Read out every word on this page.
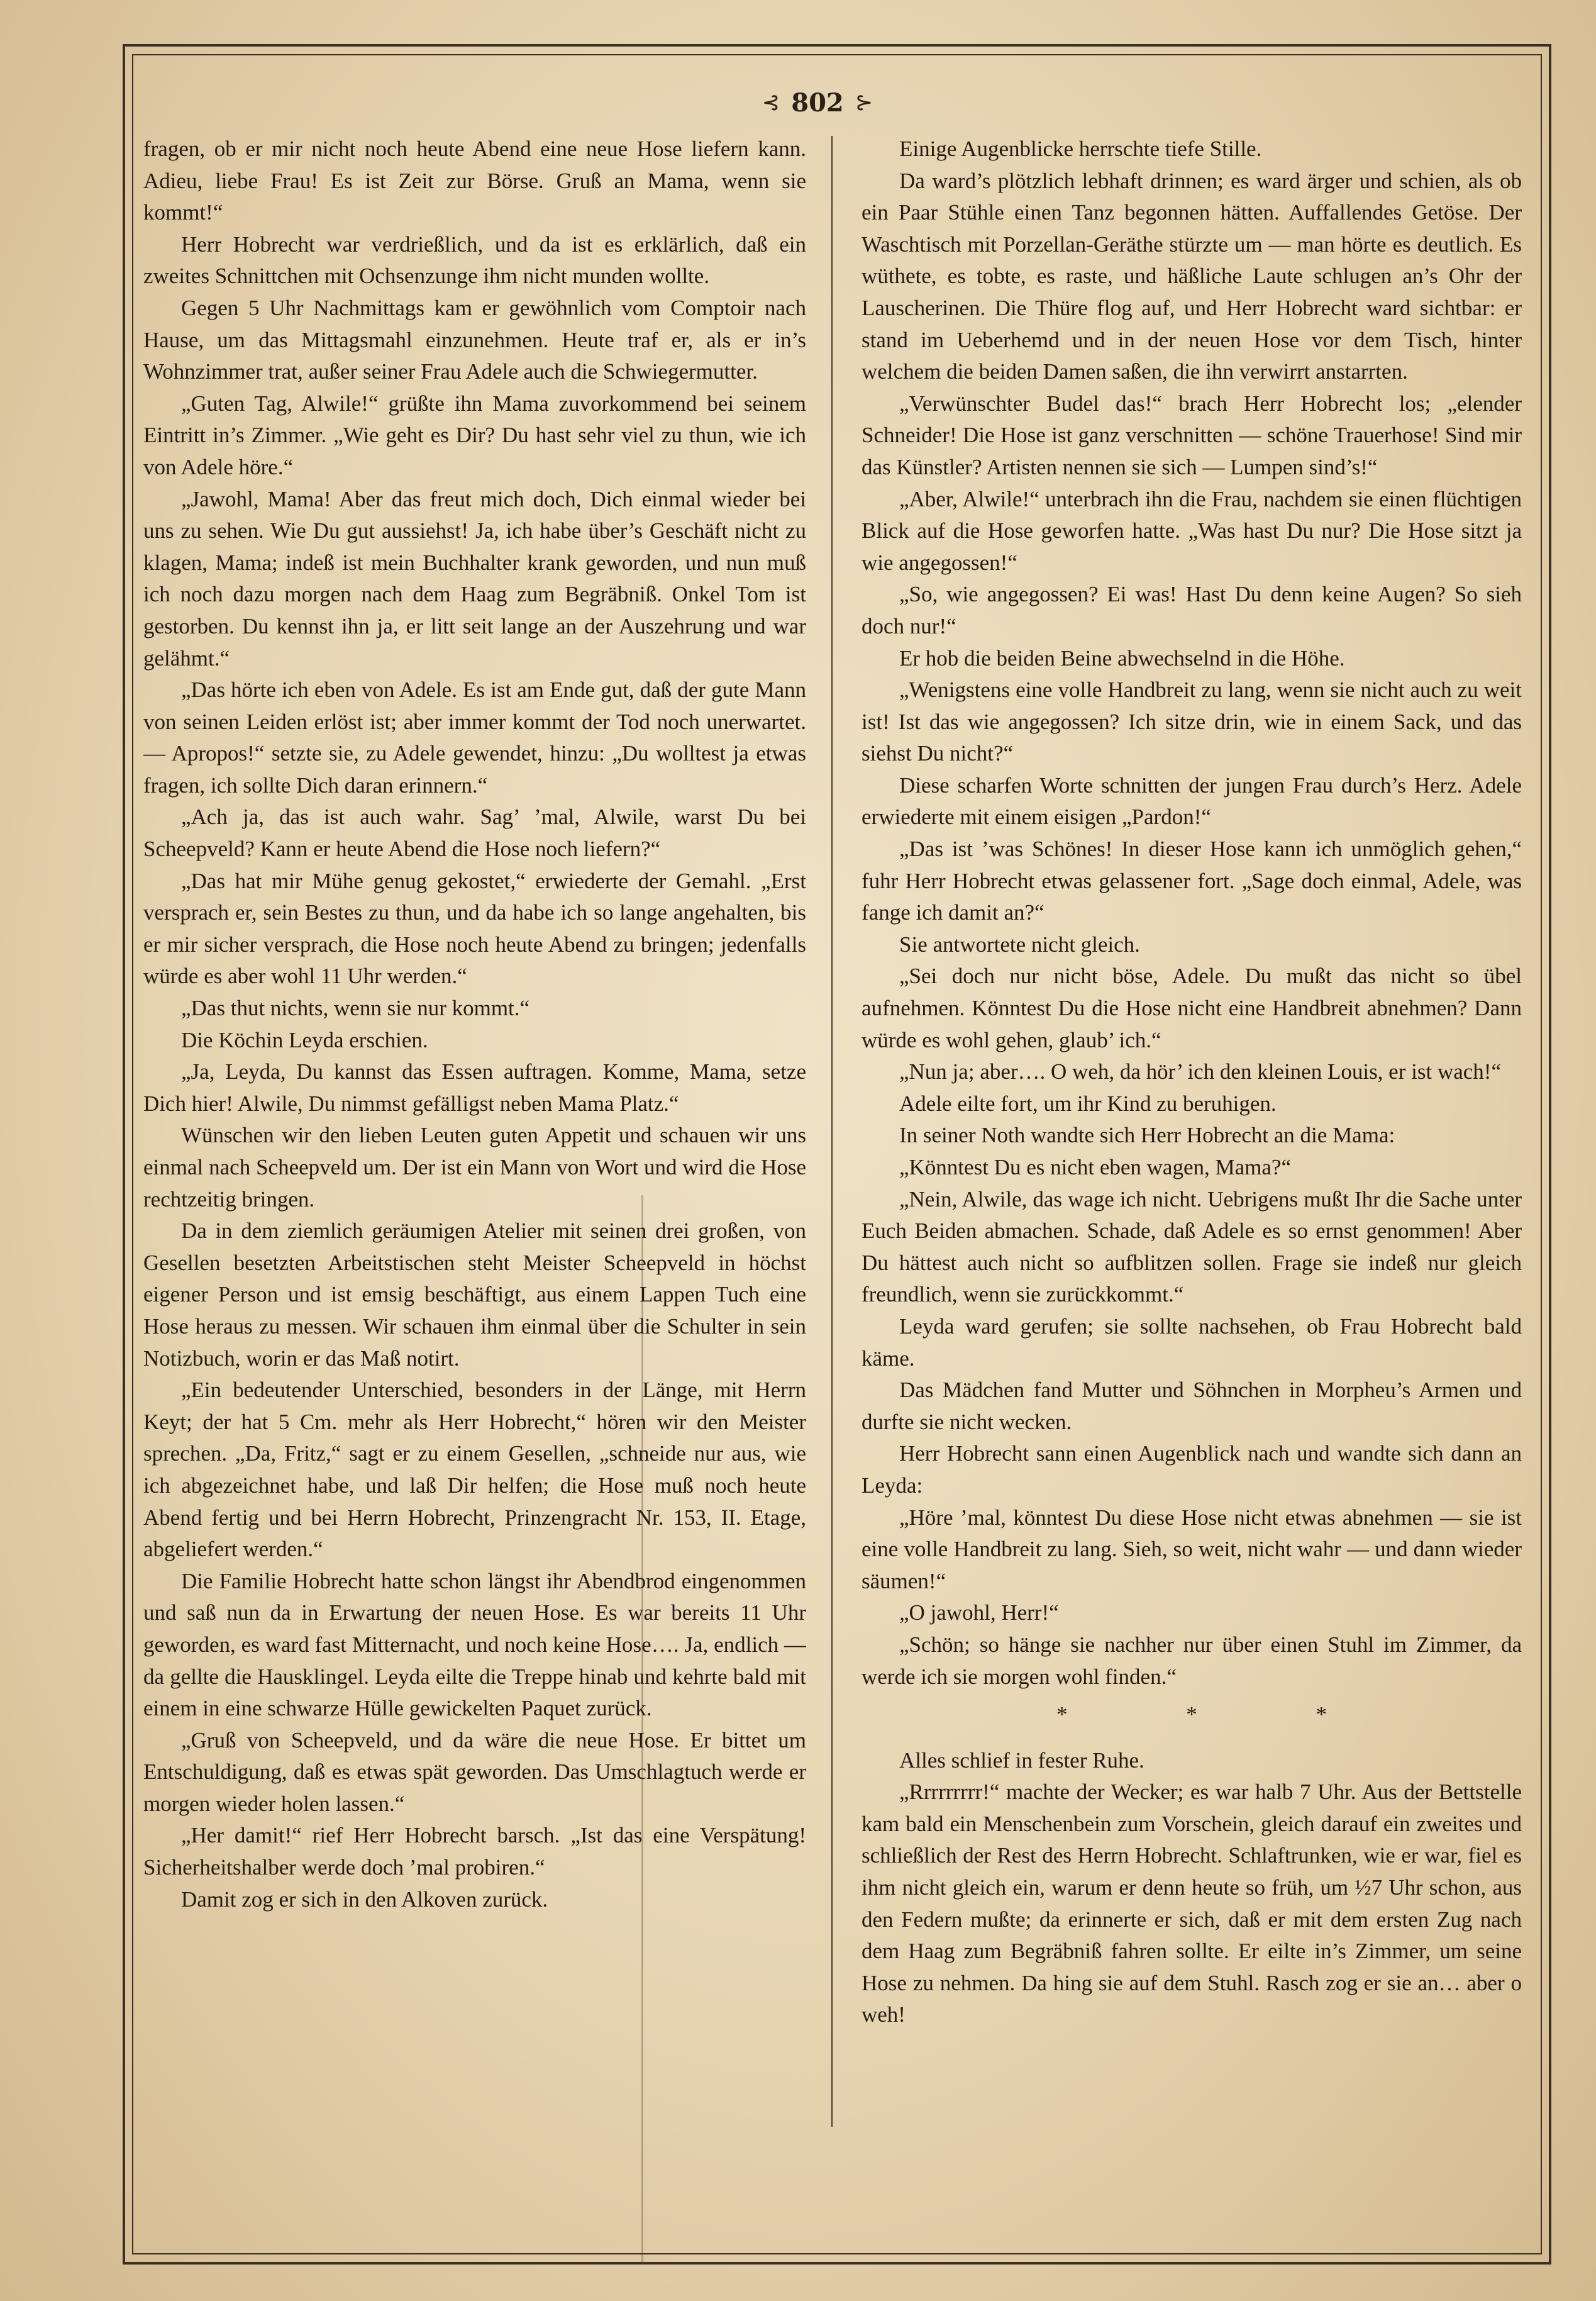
⊰ 802 ⊱

fragen, ob er mir nicht noch heute Abend eine neue Hose liefern kann. Adieu, liebe Frau! Es ist Zeit zur Börse. Gruß an Mama, wenn sie kommt!“

Herr Hobrecht war verdrießlich, und da ist es erklärlich, daß ein zweites Schnittchen mit Ochsenzunge ihm nicht munden wollte.

Gegen 5 Uhr Nachmittags kam er gewöhnlich vom Comptoir nach Hause, um das Mittagsmahl einzunehmen. Heute traf er, als er in’s Wohnzimmer trat, außer seiner Frau Adele auch die Schwiegermutter.

„Guten Tag, Alwile!“ grüßte ihn Mama zuvorkommend bei seinem Eintritt in’s Zimmer. „Wie geht es Dir? Du hast sehr viel zu thun, wie ich von Adele höre.“

„Jawohl, Mama! Aber das freut mich doch, Dich einmal wieder bei uns zu sehen. Wie Du gut aussiehst! Ja, ich habe über’s Geschäft nicht zu klagen, Mama; indeß ist mein Buchhalter krank geworden, und nun muß ich noch dazu morgen nach dem Haag zum Begräbniß. Onkel Tom ist gestorben. Du kennst ihn ja, er litt seit lange an der Auszehrung und war gelähmt.“

„Das hörte ich eben von Adele. Es ist am Ende gut, daß der gute Mann von seinen Leiden erlöst ist; aber immer kommt der Tod noch unerwartet. — Apropos!“ setzte sie, zu Adele gewendet, hinzu: „Du wolltest ja etwas fragen, ich sollte Dich daran erinnern.“

„Ach ja, das ist auch wahr. Sag’ ’mal, Alwile, warst Du bei Scheepveld? Kann er heute Abend die Hose noch liefern?“

„Das hat mir Mühe genug gekostet,“ erwiederte der Gemahl. „Erst versprach er, sein Bestes zu thun, und da habe ich so lange angehalten, bis er mir sicher versprach, die Hose noch heute Abend zu bringen; jedenfalls würde es aber wohl 11 Uhr werden.“

„Das thut nichts, wenn sie nur kommt.“

Die Köchin Leyda erschien.

„Ja, Leyda, Du kannst das Essen auftragen. Komme, Mama, setze Dich hier! Alwile, Du nimmst gefälligst neben Mama Platz.“

Wünschen wir den lieben Leuten guten Appetit und schauen wir uns einmal nach Scheepveld um. Der ist ein Mann von Wort und wird die Hose rechtzeitig bringen.

Da in dem ziemlich geräumigen Atelier mit seinen drei großen, von Gesellen besetzten Arbeitstischen steht Meister Scheepveld in höchst eigener Person und ist emsig beschäftigt, aus einem Lappen Tuch eine Hose heraus zu messen. Wir schauen ihm einmal über die Schulter in sein Notizbuch, worin er das Maß notirt.

„Ein bedeutender Unterschied, besonders in der Länge, mit Herrn Keyt; der hat 5 Cm. mehr als Herr Hobrecht,“ hören wir den Meister sprechen. „Da, Fritz,“ sagt er zu einem Gesellen, „schneide nur aus, wie ich abgezeichnet habe, und laß Dir helfen; die Hose muß noch heute Abend fertig und bei Herrn Hobrecht, Prinzengracht Nr. 153, II. Etage, abgeliefert werden.“

Die Familie Hobrecht hatte schon längst ihr Abendbrod eingenommen und saß nun da in Erwartung der neuen Hose. Es war bereits 11 Uhr geworden, es ward fast Mitternacht, und noch keine Hose…. Ja, endlich — da gellte die Hausklingel. Leyda eilte die Treppe hinab und kehrte bald mit einem in eine schwarze Hülle gewickelten Paquet zurück.

„Gruß von Scheepveld, und da wäre die neue Hose. Er bittet um Entschuldigung, daß es etwas spät geworden. Das Umschlagtuch werde er morgen wieder holen lassen.“

„Her damit!“ rief Herr Hobrecht barsch. „Ist das eine Verspätung! Sicherheitshalber werde doch ’mal probiren.“

Damit zog er sich in den Alkoven zurück.

Einige Augenblicke herrschte tiefe Stille.

Da ward’s plötzlich lebhaft drinnen; es ward ärger und schien, als ob ein Paar Stühle einen Tanz begonnen hätten. Auffallendes Getöse. Der Waschtisch mit Porzellan-Geräthe stürzte um — man hörte es deutlich. Es wüthete, es tobte, es raste, und häßliche Laute schlugen an’s Ohr der Lauscherinen. Die Thüre flog auf, und Herr Hobrecht ward sichtbar: er stand im Ueberhemd und in der neuen Hose vor dem Tisch, hinter welchem die beiden Damen saßen, die ihn verwirrt anstarrten.

„Verwünschter Budel das!“ brach Herr Hobrecht los; „elender Schneider! Die Hose ist ganz verschnitten — schöne Trauerhose! Sind mir das Künstler? Artisten nennen sie sich — Lumpen sind’s!“

„Aber, Alwile!“ unterbrach ihn die Frau, nachdem sie einen flüchtigen Blick auf die Hose geworfen hatte. „Was hast Du nur? Die Hose sitzt ja wie angegossen!“

„So, wie angegossen? Ei was! Hast Du denn keine Augen? So sieh doch nur!“

Er hob die beiden Beine abwechselnd in die Höhe.

„Wenigstens eine volle Handbreit zu lang, wenn sie nicht auch zu weit ist! Ist das wie angegossen? Ich sitze drin, wie in einem Sack, und das siehst Du nicht?“

Diese scharfen Worte schnitten der jungen Frau durch’s Herz. Adele erwiederte mit einem eisigen „Pardon!“

„Das ist ’was Schönes! In dieser Hose kann ich unmöglich gehen,“ fuhr Herr Hobrecht etwas gelassener fort. „Sage doch einmal, Adele, was fange ich damit an?“

Sie antwortete nicht gleich.

„Sei doch nur nicht böse, Adele. Du mußt das nicht so übel aufnehmen. Könntest Du die Hose nicht eine Handbreit abnehmen? Dann würde es wohl gehen, glaub’ ich.“

„Nun ja; aber…. O weh, da hör’ ich den kleinen Louis, er ist wach!“

Adele eilte fort, um ihr Kind zu beruhigen.

In seiner Noth wandte sich Herr Hobrecht an die Mama:

„Könntest Du es nicht eben wagen, Mama?“

„Nein, Alwile, das wage ich nicht. Uebrigens mußt Ihr die Sache unter Euch Beiden abmachen. Schade, daß Adele es so ernst genommen! Aber Du hättest auch nicht so aufblitzen sollen. Frage sie indeß nur gleich freundlich, wenn sie zurückkommt.“

Leyda ward gerufen; sie sollte nachsehen, ob Frau Hobrecht bald käme.

Das Mädchen fand Mutter und Söhnchen in Morpheu’s Armen und durfte sie nicht wecken.

Herr Hobrecht sann einen Augenblick nach und wandte sich dann an Leyda:

„Höre ’mal, könntest Du diese Hose nicht etwas abnehmen — sie ist eine volle Handbreit zu lang. Sieh, so weit, nicht wahr — und dann wieder säumen!“

„O jawohl, Herr!“

„Schön; so hänge sie nachher nur über einen Stuhl im Zimmer, da werde ich sie morgen wohl finden.“

* * *

Alles schlief in fester Ruhe.

„Rrrrrrrrr!“ machte der Wecker; es war halb 7 Uhr. Aus der Bettstelle kam bald ein Menschenbein zum Vorschein, gleich darauf ein zweites und schließlich der Rest des Herrn Hobrecht. Schlaftrunken, wie er war, fiel es ihm nicht gleich ein, warum er denn heute so früh, um ½7 Uhr schon, aus den Federn mußte; da erinnerte er sich, daß er mit dem ersten Zug nach dem Haag zum Begräbniß fahren sollte. Er eilte in’s Zimmer, um seine Hose zu nehmen. Da hing sie auf dem Stuhl. Rasch zog er sie an… aber o weh!
